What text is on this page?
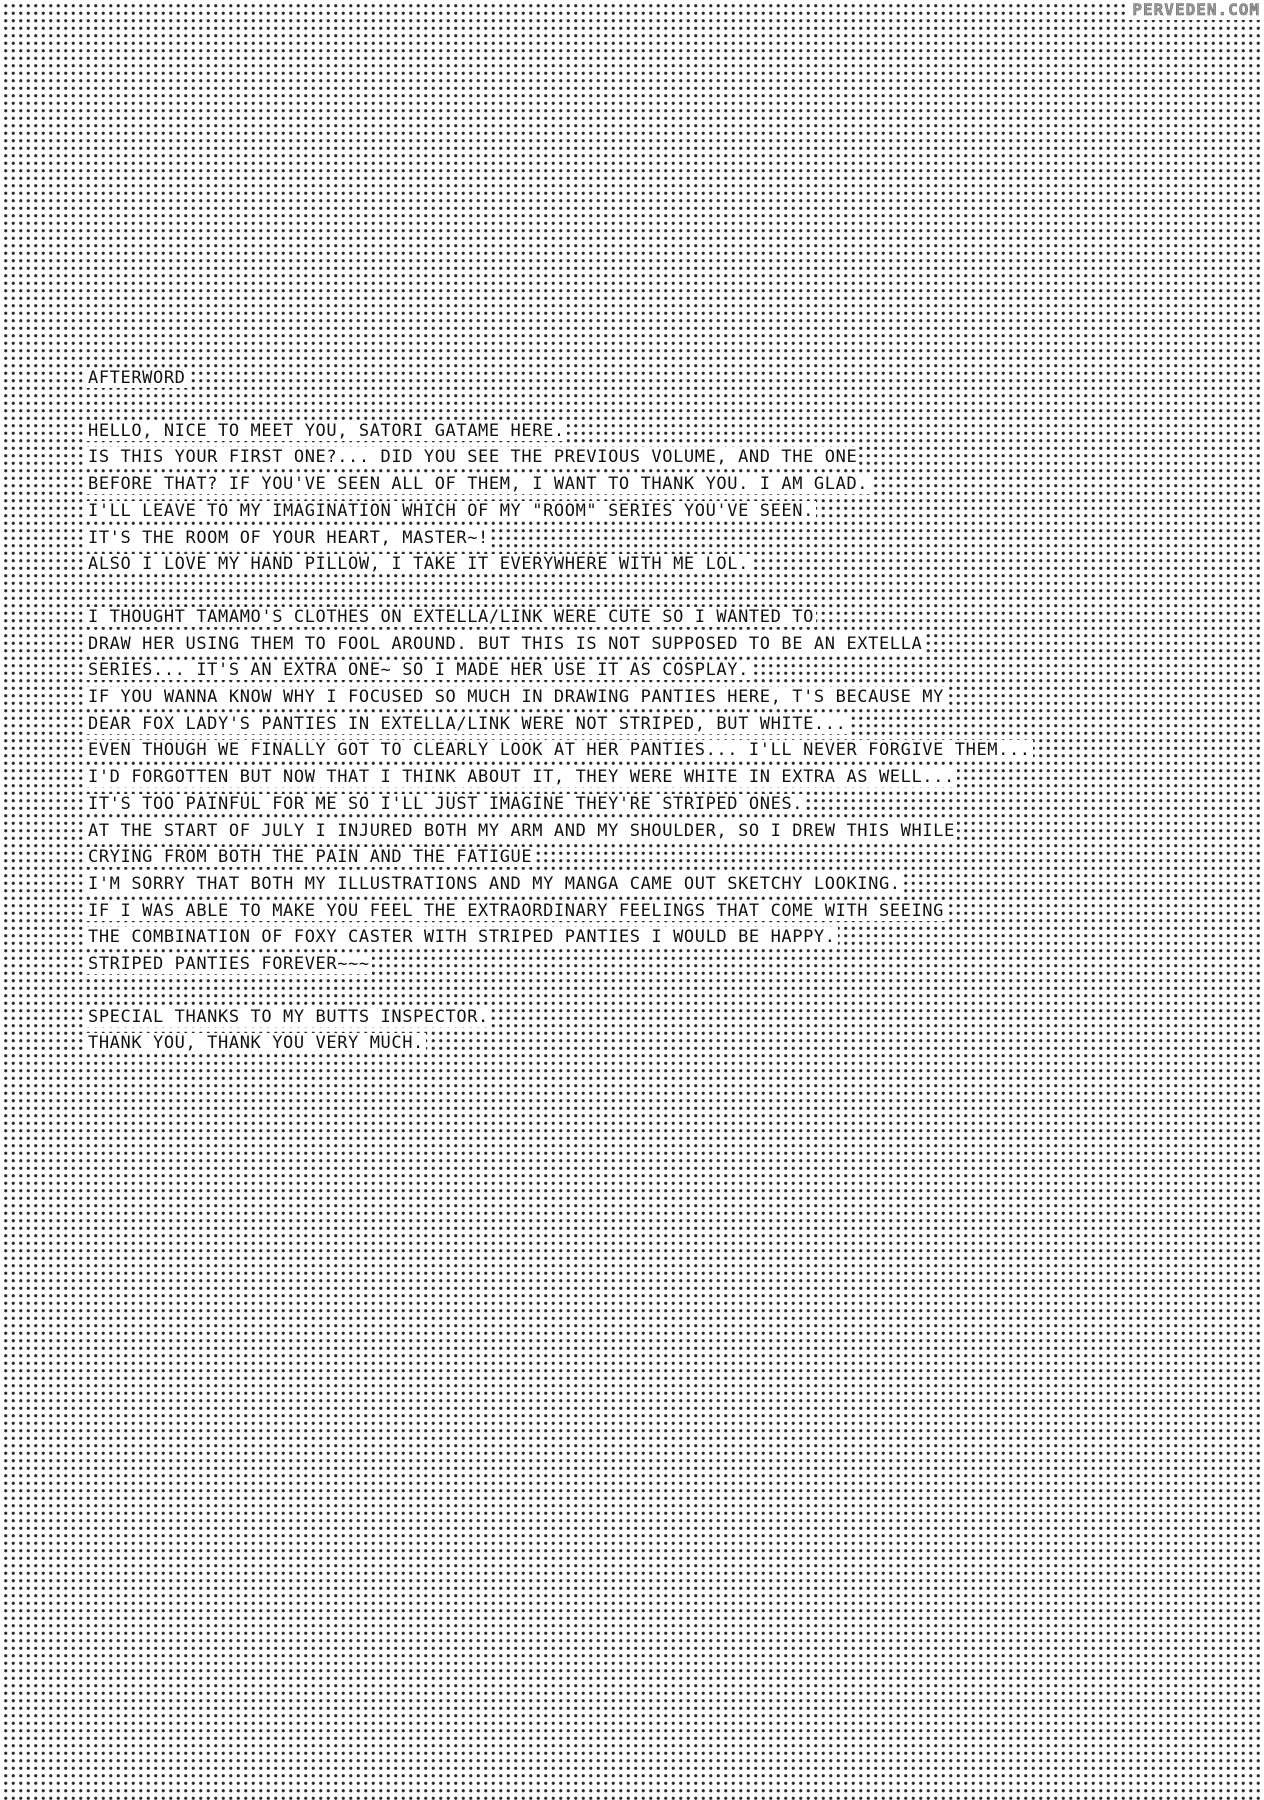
PERVEDEN.COM
AFTERWORD
HELLO, NICE TO MEET YOU, SATORI GATAME HERE.
IS THIS YOUR FIRST ONE?... DID YOU SEE THE PREVIOUS VOLUME, AND THE ONE
BEFORE THAT? IF YOU'VE SEEN ALL OF THEM, I WANT TO THANK YOU. I AM GLAD.
I'LL LEAVE TO MY IMAGINATION WHICH OF MY "ROOM" SERIES YOU'VE SEEN.
IT'S THE ROOM OF YOUR HEART, MASTER~!
ALSO I LOVE MY HAND PILLOW, I TAKE IT EVERYWHERE WITH ME LOL.
I THOUGHT TAMAMO'S CLOTHES ON EXTELLA/LINK WERE CUTE SO I WANTED TO
DRAW HER USING THEM TO FOOL AROUND. BUT THIS IS NOT SUPPOSED TO BE AN EXTELLA
SERIES... IT'S AN EXTRA ONE~ SO I MADE HER USE IT AS COSPLAY.
IF YOU WANNA KNOW WHY I FOCUSED SO MUCH IN DRAWING PANTIES HERE, T'S BECAUSE MY
DEAR FOX LADY'S PANTIES IN EXTELLA/LINK WERE NOT STRIPED, BUT WHITE...
EVEN THOUGH WE FINALLY GOT TO CLEARLY LOOK AT HER PANTIES... I'LL NEVER FORGIVE THEM...
I'D FORGOTTEN BUT NOW THAT I THINK ABOUT IT, THEY WERE WHITE IN EXTRA AS WELL...
IT'S TOO PAINFUL FOR ME SO I'LL JUST IMAGINE THEY'RE STRIPED ONES.
AT THE START OF JULY I INJURED BOTH MY ARM AND MY SHOULDER, SO I DREW THIS WHILE
CRYING FROM BOTH THE PAIN AND THE FATIGUE
I'M SORRY THAT BOTH MY ILLUSTRATIONS AND MY MANGA CAME OUT SKETCHY LOOKING.
IF I WAS ABLE TO MAKE YOU FEEL THE EXTRAORDINARY FEELINGS THAT COME WITH SEEING
THE COMBINATION OF FOXY CASTER WITH STRIPED PANTIES I WOULD BE HAPPY.
STRIPED PANTIES FOREVER~~~
SPECIAL THANKS TO MY BUTTS INSPECTOR.
THANK YOU, THANK YOU VERY MUCH.
